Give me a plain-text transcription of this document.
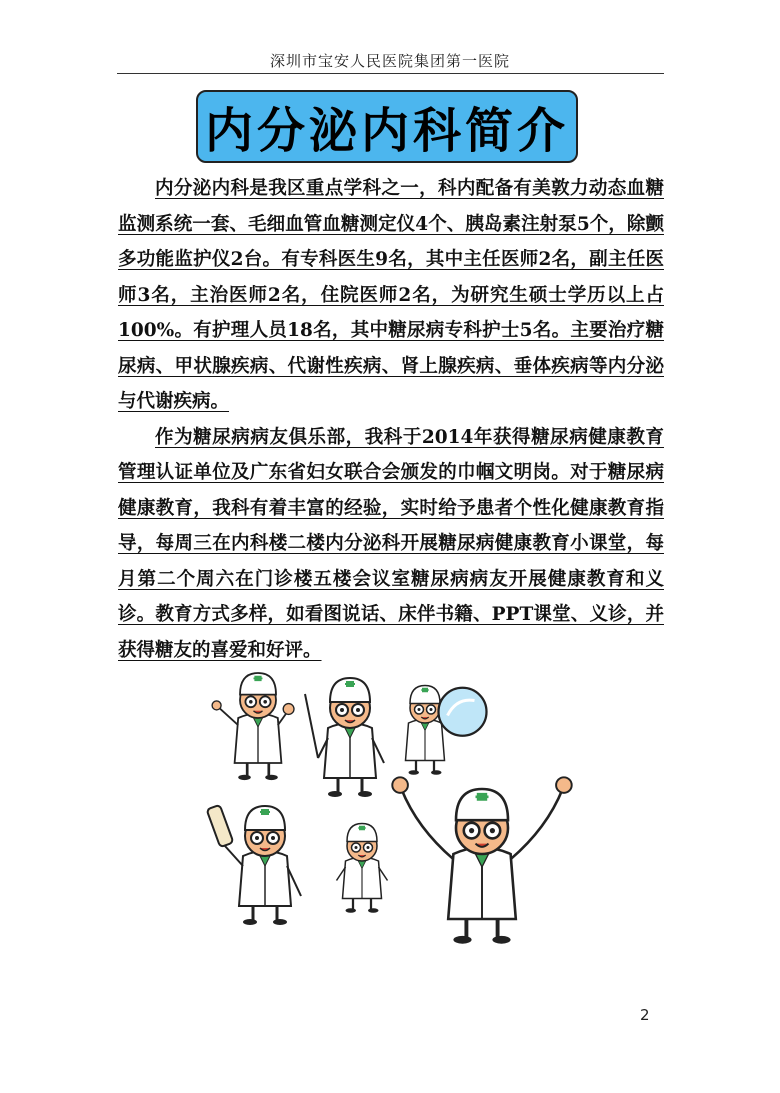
深圳市宝安人民医院集团第一医院
内分泌内科简介

内分泌内科是我区重点学科之一，科内配备有美敦力动态血糖监测系统一套、毛细血管血糖测定仪4个、胰岛素注射泵5个，除颤多功能监护仪2台。有专科医生9名，其中主任医师2名，副主任医师3名，主治医师2名，住院医师2名，为研究生硕士学历以上占100%。有护理人员18名，其中糖尿病专科护士5名。主要治疗糖尿病、甲状腺疾病、代谢性疾病、肾上腺疾病、垂体疾病等内分泌与代谢疾病。

作为糖尿病病友俱乐部，我科于2014年获得糖尿病健康教育管理认证单位及广东省妇女联合会颁发的巾帼文明岗。对于糖尿病健康教育，我科有着丰富的经验，实时给予患者个性化健康教育指导，每周三在内科楼二楼内分泌科开展糖尿病健康教育小课堂，每月第二个周六在门诊楼五楼会议室糖尿病病友开展健康教育和义诊。教育方式多样，如看图说话、床伴书籍、PPT课堂、义诊，并获得糖友的喜爱和好评。

2
